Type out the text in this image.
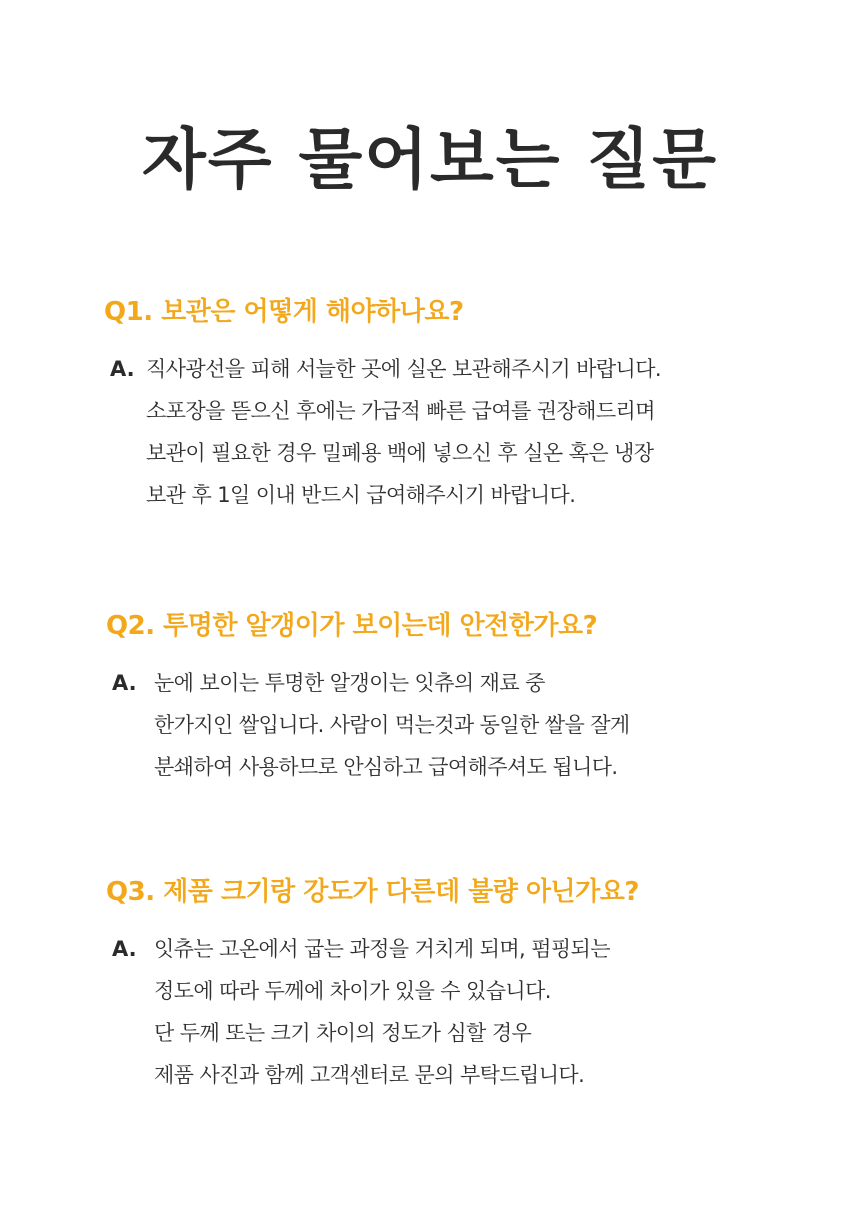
자주 물어보는 질문
Q1. 보관은 어떻게 해야하나요?
A. 직사광선을 피해 서늘한 곳에 실온 보관해주시기 바랍니다.
소포장을 뜯으신 후에는 가급적 빠른 급여를 권장해드리며
보관이 필요한 경우 밀폐용 백에 넣으신 후 실온 혹은 냉장
보관 후 1일 이내 반드시 급여해주시기 바랍니다.
Q2. 투명한 알갱이가 보이는데 안전한가요?
A. 눈에 보이는 투명한 알갱이는 잇츄의 재료 중
한가지인 쌀입니다. 사람이 먹는것과 동일한 쌀을 잘게
분쇄하여 사용하므로 안심하고 급여해주셔도 됩니다.
Q3. 제품 크기랑 강도가 다른데 불량 아닌가요?
A. 잇츄는 고온에서 굽는 과정을 거치게 되며, 펌핑되는
정도에 따라 두께에 차이가 있을 수 있습니다.
단 두께 또는 크기 차이의 정도가 심할 경우
제품 사진과 함께 고객센터로 문의 부탁드립니다.
